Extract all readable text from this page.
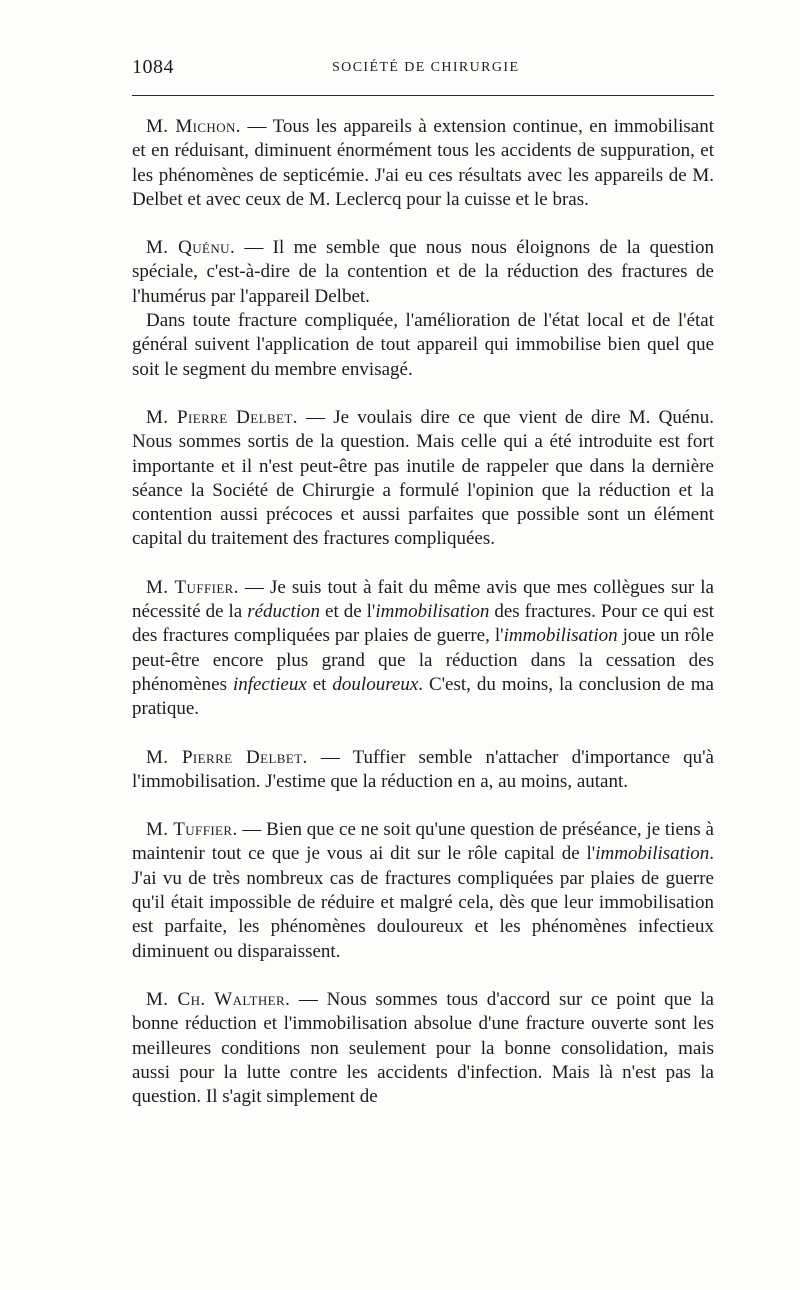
1084	SOCIÉTÉ DE CHIRURGIE

M. Michon. — Tous les appareils à extension continue, en immobilisant et en réduisant, diminuent énormément tous les accidents de suppuration, et les phénomènes de septicémie. J'ai eu ces résultats avec les appareils de M. Delbet et avec ceux de M. Leclercq pour la cuisse et le bras.

M. Quénu. — Il me semble que nous nous éloignons de la question spéciale, c'est-à-dire de la contention et de la réduction des fractures de l'humérus par l'appareil Delbet.

Dans toute fracture compliquée, l'amélioration de l'état local et de l'état général suivent l'application de tout appareil qui immobilise bien quel que soit le segment du membre envisagé.

M. Pierre Delbet. — Je voulais dire ce que vient de dire M. Quénu. Nous sommes sortis de la question. Mais celle qui a été introduite est fort importante et il n'est peut-être pas inutile de rappeler que dans la dernière séance la Société de Chirurgie a formulé l'opinion que la réduction et la contention aussi précoces et aussi parfaites que possible sont un élément capital du traitement des fractures compliquées.

M. Tuffier. — Je suis tout à fait du même avis que mes collègues sur la nécessité de la réduction et de l'immobilisation des fractures. Pour ce qui est des fractures compliquées par plaies de guerre, l'immobilisation joue un rôle peut-être encore plus grand que la réduction dans la cessation des phénomènes infectieux et douloureux. C'est, du moins, la conclusion de ma pratique.

M. Pierre Delbet. — Tuffier semble n'attacher d'importance qu'à l'immobilisation. J'estime que la réduction en a, au moins, autant.

M. Tuffier. — Bien que ce ne soit qu'une question de préséance, je tiens à maintenir tout ce que je vous ai dit sur le rôle capital de l'immobilisation. J'ai vu de très nombreux cas de fractures compliquées par plaies de guerre qu'il était impossible de réduire et malgré cela, dès que leur immobilisation est parfaite, les phénomènes douloureux et les phénomènes infectieux diminuent ou disparaissent.

M. Ch. Walther. — Nous sommes tous d'accord sur ce point que la bonne réduction et l'immobilisation absolue d'une fracture ouverte sont les meilleures conditions non seulement pour la bonne consolidation, mais aussi pour la lutte contre les accidents d'infection. Mais là n'est pas la question. Il s'agit simplement de
